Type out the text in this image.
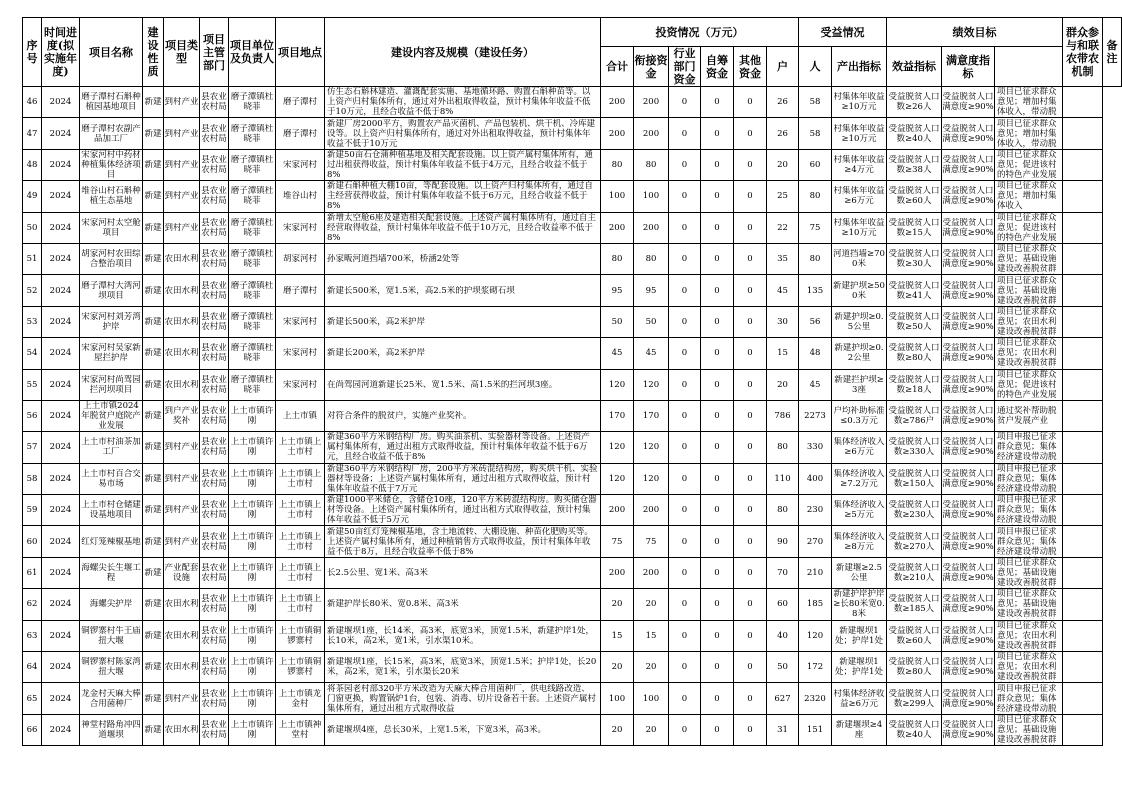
序号	时间进度(拟实施年度)	项目名称	建设性质	项目类型	项目主管部门	项目单位及负责人	项目地点	建设内容及规模（建设任务）	投资情况（万元）						受益情况		绩效目标			群众参与和联农带农机制	备注
									合计	衔接资金	行业部门资金	自筹资金	其他资金	户	人	产出指标	效益指标	满意度指标			

46	2024	磨子潭村石斛种植园基地项目	新建	到村产业	县农业农村局	磨子潭镇杜晓菲	磨子潭村	仿生态石斛林建造、灌溉配套实施、基地循环路、购置石斛种苗等。以上资产归村集体所有，通过对外出租取得收益，预计村集体年收益不低于10万元，且经合收益不低于8%	200	200	0	0	0	26	58	村集体年收益≥10万元	受益脱贫人口数≥26人	受益脱贫人口满意度≥90%	项目已征求群众意见；增加村集体收入，带动脱		

47	2024	磨子潭村农副产品加工厂	新建	到村产业	县农业农村局	磨子潭镇杜晓菲	磨子潭村	新建厂房2000平方，购置农产品灭菌机、产品包装机、烘干机、冷库建设等。以上资产归村集体所有，通过对外出租取得收益，预计村集体年收益不低于10万元	200	200	0	0	0	26	58	村集体年收益≥10万元	受益脱贫人口数≥40人	受益脱贫人口满意度≥90%	项目已征求群众意见；增加村集体收入，带动脱		

48	2024	宋家河村中药材种植集体经济项目	新建	到村产业	县农业农村局	磨子潭镇杜晓菲	宋家河村	新建50亩石仓蒲种植基地及相关配套设施。以上资产属村集体所有，通过出租获得收益，预计村集体年收益不低于4万元，且经合收益不低于8%	80	80	0	0	0	20	60	村集体年收益≥4万元	受益脱贫人口数≥38人	受益脱贫人口满意度≥90%	项目已征求群众意见；促进该村的特色产业发展		

49	2024	堆谷山村石斛种植生态基地	新建	到村产业	县农业农村局	磨子潭镇杜晓菲	堆谷山村	新建石斛种植大棚10亩，等配套设施。以上资产归村集体所有，通过自主经营获得收益，预计村集体年收益不低于6万元，且经合收益不低于8%	100	100	0	0	0	25	80	村集体年收益≥6万元	受益脱贫人口数≥60人	受益脱贫人口满意度≥90%	项目已征求群众意见；增加村集体收入		

50	2024	宋家河村太空舱项目	新建	到村产业	县农业农村局	磨子潭镇杜晓菲	宋家河村	新增太空舱6座及建造相关配套设施。上述资产属村集体所有，通过自主经营取得收益，预计村集体年收益不低于10万元，且经合收益率不低于8%	200	200	0	0	0	22	75	村集体年收益≥10万元	受益脱贫人口数≥15人	受益脱贫人口满意度≥90%	项目已征求群众意见；促进该村的特色产业发展		

51	2024	胡家河村农田综合整治项目	新建	农田水利	县农业农村局	磨子潭镇杜晓菲	胡家河村	孙家畈河道挡墙700米，桥涵2处等	80	80	0	0	0	35	80	河道挡墙≥700米	受益脱贫人口数≥30人	受益脱贫人口满意度≥90%	项目已征求群众意见；基础设施建设改善脱贫群		

52	2024	磨子潭村大湾河坝项目	新建	农田水利	县农业农村局	磨子潭镇杜晓菲	磨子潭村	新建长500米，宽1.5米，高2.5米的护坝浆砌石坝	95	95	0	0	0	45	135	新建护坝≥500米	受益脱贫人口数≥41人	受益脱贫人口满意度≥90%	项目已征求群众意见；基础设施建设改善脱贫群		

53	2024	宋家河村刘芳湾护岸	新建	农田水利	县农业农村局	磨子潭镇杜晓菲	宋家河村	新建长500米，高2米护岸	50	50	0	0	0	30	56	新建护坝≥0.5公里	受益脱贫人口数≥50人	受益脱贫人口满意度≥90%	项目已征求群众意见；农田水利建设改善脱贫群		

54	2024	宋家河村吴家新屋拦护岸	新建	农田水利	县农业农村局	磨子潭镇杜晓菲	宋家河村	新建长200米，高2米护岸	45	45	0	0	0	15	48	新建护坝≥0.2公里	受益脱贫人口数≥80人	受益脱贫人口满意度≥90%	项目已征求群众意见；农田水利建设改善脱贫群		

55	2024	宋家河村尚驾园拦河坝项目	新建	农田水利	县农业农村局	磨子潭镇杜晓菲	宋家河村	在尚驾园河道新建长25米、宽1.5米、高1.5米的拦河坝3座。	120	120	0	0	0	20	45	新建拦护坝≥3座	受益脱贫人口数≥18人	受益脱贫人口满意度≥90%	项目已征求群众意见；促进该村的特色产业发展		

56	2024	上土市镇2024年脱贫户庭院产业发展	新建	到户产业奖补	县农业农村局	上土市镇许刚	上土市镇	对符合条件的脱贫户，实施产业奖补。	170	170	0	0	0	786	2273	户均补助标准≤0.3万元	受益脱贫人口数≥786户	受益脱贫人口满意度≥90%	通过奖补帮助脱贫户发展产业		

57	2024	上土市村油茶加工厂	新建	到村产业	县农业农村局	上土市镇许刚	上土市镇上土市村	新建360平方米钢结构厂房。购买油茶机、实验器材等设备。上述资产属村集体所有，通过出租方式取得收益，预计村集体年收益不低于6万元，且经合收益不低于8%	120	120	0	0	0	80	330	集体经济收入≥6万元	受益脱贫人口数≥330人	受益脱贫人口满意度≥90%	项目申报已征求群众意见；集体经济建设带动脱		

58	2024	上土市村百合交易市场	新建	到村产业	县农业农村局	上土市镇许刚	上土市镇上土市村	新建360平方米钢结构厂房，200平方米砖混结构房，购买烘干机、实验器材等设备；上述资产属村集体所有，通过出租方式取得收益，预计村集体年收益不低于7万元	120	120	0	0	0	110	400	集体经济收入≥7.2万元	受益脱贫人口数≥150人	受益脱贫人口满意度≥90%	项目申报已征求群众意见；集体经济建设带动脱		

59	2024	上土市村仓储建设基地项目	新建	到村产业	县农业农村局	上土市镇许刚	上土市镇上土市村	新建1000平米储仓，含储仓10座，120平方米砖混结构房。购买储仓器材等设备。上述资产属村集体所有，通过出租方式取得收益，预计村集体年收益不低于5万元	200	200	0	0	0	80	230	集体经济收入≥5万元	受益脱贫人口数≥230人	受益脱贫人口满意度≥90%	项目申报已征求群众意见；集体经济建设带动脱		

60	2024	红灯笼辣椒基地	新建	到村产业	县农业农村局	上土市镇许刚	上土市镇上土市村	新建50亩红灯笼辣椒基地，含土地流转、大棚设施、种苗化肥购买等。上述资产属村集体所有，通过种植销售方式取得收益，预计村集体年收益不低于8万，且经合收益率不低于8%	75	75	0	0	0	90	270	集体经济收入≥8万元	受益脱贫人口数≥270人	受益脱贫人口满意度≥90%	项目申报已征求群众意见；集体经济建设带动脱		

61	2024	海螺尖长生堰工程	新建	产业配套设施	县农业农村局	上土市镇许刚	上土市镇上土市村	长2.5公里、宽1米、高3米	200	200	0	0	0	70	210	新建堰≥2.5公里	受益脱贫人口数≥210人	受益脱贫人口满意度≥90%	项目已征求群众意见；基础设施建设改善脱贫群		

62	2024	海螺尖护岸	新建	农田水利	县农业农村局	上土市镇许刚	上土市镇上土市村	新建护岸长80米、宽0.8米、高3米	20	20	0	0	0	60	185	新建护岸护岸≥长80米宽0.8米	受益脱贫人口数≥185人	受益脱贫人口满意度≥90%	项目已征求群众意见；基础设施建设改善脱贫群		

63	2024	铜锣寨村牛王庙扭大堰	新建	农田水利	县农业农村局	上土市镇许刚	上土市镇铜锣寨村	新建堰坝1座，长14米，高3米，底宽3米，顶宽1.5米，新建护岸1处，长10米，高2米，宽1米，引水渠10米。	15	15	0	0	0	40	120	新建堰坝1处；护岸1处	受益脱贫人口数≥60人	受益脱贫人口满意度≥90%	项目已征求群众意见；农田水利建设改善脱贫群		

64	2024	铜锣寨村陈家湾扭大堰	新建	农田水利	县农业农村局	上土市镇许刚	上土市镇铜锣寨村	新建堰坝1座，长15米，高3米，底宽3米，顶宽1.5米；护岸1处，长20米，高2米，宽1米，引水渠长20米	20	20	0	0	0	50	172	新建堰坝1处；护岸1处	受益脱贫人口数≥80人	受益脱贫人口满意度≥90%	项目已征求群众意见；农田水利建设改善脱贫群		

65	2024	龙金村天麻大棒合用菌种厂	新建	到村产业	县农业农村局	上土市镇许刚	上土市镇龙金村	将茶园老村部320平方米改造为天麻大棒合用菌种厂，供电线路改造、门窗更换，购置锅炉1台，包装、消毒、切片设备若干套。上述资产属村集体所有，通过出租方式取得收益	100	100	0	0	0	627	2320	村集体经济收益≥6万元	受益脱贫人口数≥299人	受益脱贫人口满意度≥90%	项目申报已征求群众意见；集体经济建设带动脱		

66	2024	神堂村路角冲四道堰坝	新建	农田水利	县农业农村局	上土市镇许刚	上土市镇神堂村	新建堰坝4座，总长30米，上宽1.5米，下宽3米，高3米。	20	20	0	0	0	31	151	新建堰坝≥4座	受益脱贫人口数≥40人	受益脱贫人口满意度≥90%	项目已征求群众意见；基础设施建设改善脱贫群		
